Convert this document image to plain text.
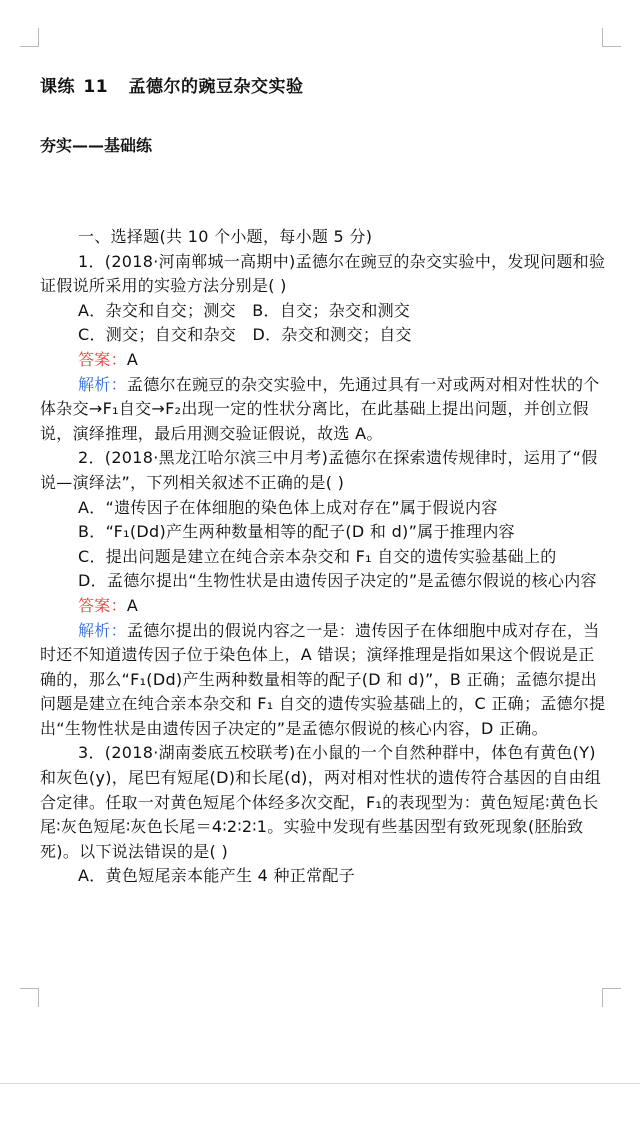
课练 11 孟德尔的豌豆杂交实验
夯实——基础练

一、选择题(共 10 个小题，每小题 5 分)

1．(2018·河南郸城一高期中)孟德尔在豌豆的杂交实验中，发现问题和验证假说所采用的实验方法分别是( )

A．杂交和自交；测交　B．自交；杂交和测交

C．测交；自交和杂交　D．杂交和测交；自交

答案：A

解析：孟德尔在豌豆的杂交实验中，先通过具有一对或两对相对性状的个体杂交→F₁自交→F₂出现一定的性状分离比，在此基础上提出问题，并创立假说，演绎推理，最后用测交验证假说，故选 A。

2．(2018·黑龙江哈尔滨三中月考)孟德尔在探索遗传规律时，运用了“假说—演绎法”，下列相关叙述不正确的是( )

A．“遗传因子在体细胞的染色体上成对存在”属于假说内容

B．“F₁(Dd)产生两种数量相等的配子(D 和 d)”属于推理内容

C．提出问题是建立在纯合亲本杂交和 F₁ 自交的遗传实验基础上的

D．孟德尔提出“生物性状是由遗传因子决定的”是孟德尔假说的核心内容

答案：A

解析：孟德尔提出的假说内容之一是：遗传因子在体细胞中成对存在，当时还不知道遗传因子位于染色体上，A 错误；演绎推理是指如果这个假说是正确的，那么“F₁(Dd)产生两种数量相等的配子(D 和 d)”，B 正确；孟德尔提出问题是建立在纯合亲本杂交和 F₁ 自交的遗传实验基础上的，C 正确；孟德尔提出“生物性状是由遗传因子决定的”是孟德尔假说的核心内容，D 正确。

3．(2018·湖南娄底五校联考)在小鼠的一个自然种群中，体色有黄色(Y)和灰色(y)，尾巴有短尾(D)和长尾(d)，两对相对性状的遗传符合基因的自由组合定律。任取一对黄色短尾个体经多次交配，F₁的表现型为：黄色短尾∶黄色长尾∶灰色短尾∶灰色长尾＝4∶2∶2∶1。实验中发现有些基因型有致死现象(胚胎致死)。以下说法错误的是( )

A．黄色短尾亲本能产生 4 种正常配子
